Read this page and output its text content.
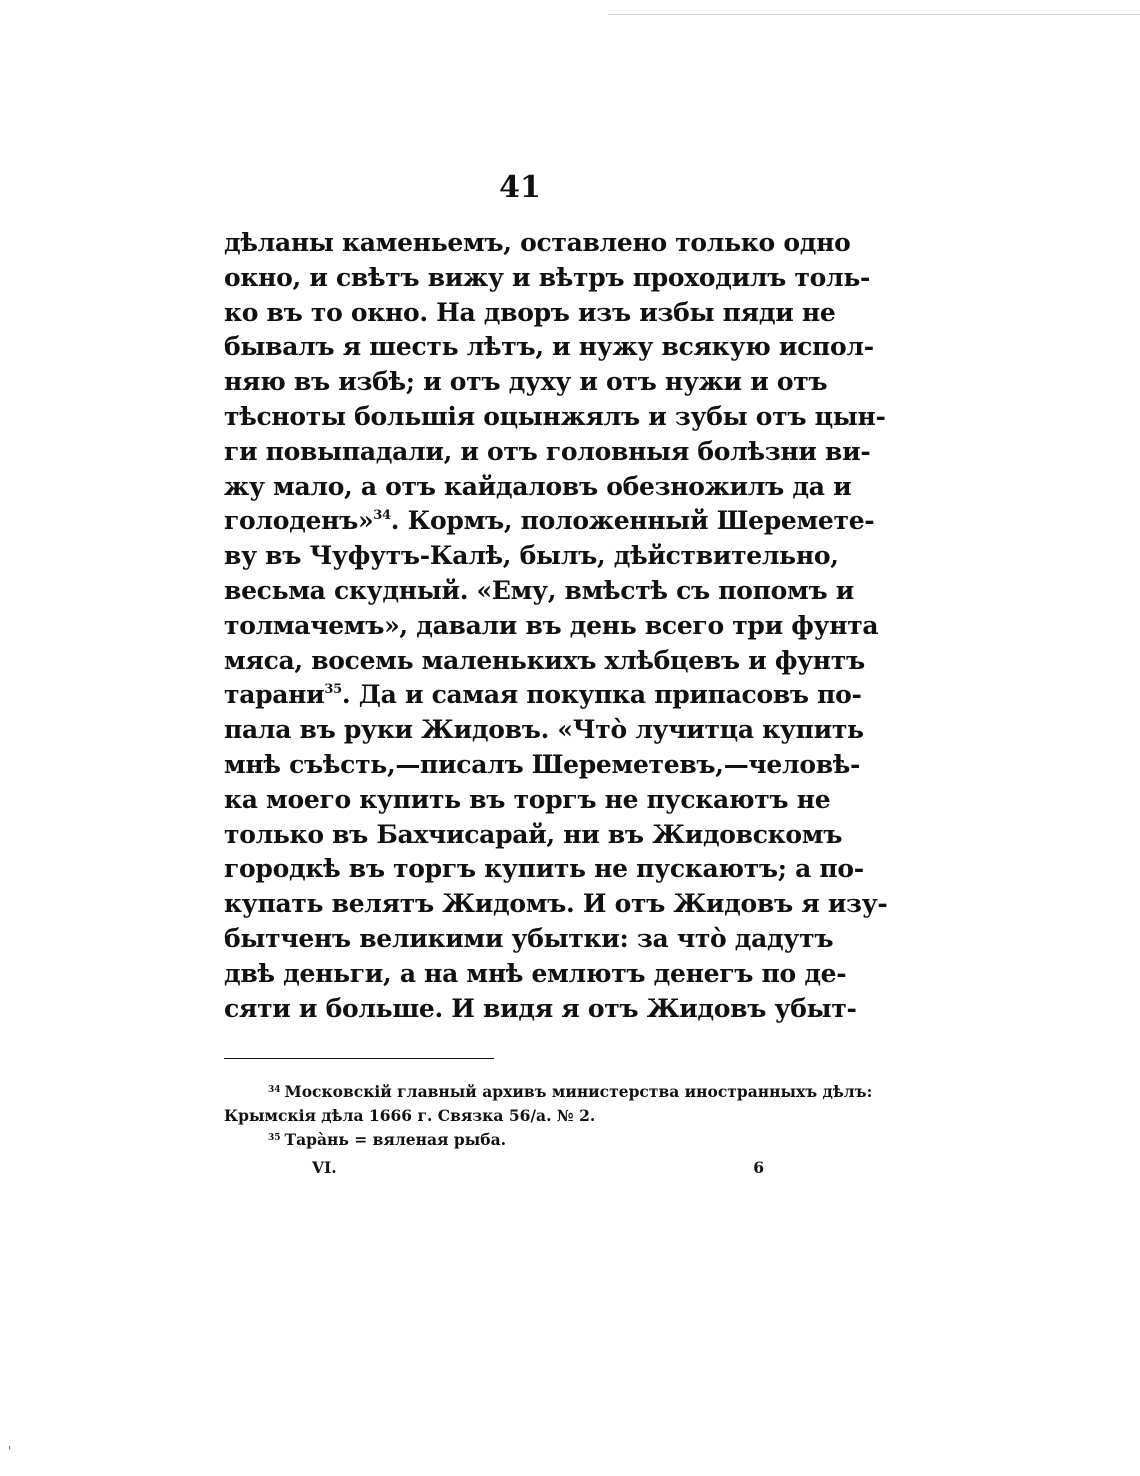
41
дѣланы каменьемъ, оставлено только одно
окно, и свѣтъ вижу и вѣтръ проходилъ толь-
ко въ то окно. На дворъ изъ избы пяди не
бывалъ я шесть лѣтъ, и нужу всякую испол-
няю въ избѣ; и отъ духу и отъ нужи и отъ
тѣсноты большія оцынжялъ и зубы отъ цын-
ги повыпадали, и отъ головныя болѣзни ви-
жу мало, а отъ кайдаловъ обезножилъ да и
голоденъ»$^{34}$. Кормъ, положенный Шеремете-
ву въ Чуфутъ-Калѣ, былъ, дѣйствительно,
весьма скудный. «Ему, вмѣстѣ съ попомъ и
толмачемъ», давали въ день всего три фунта
мяса, восемь маленькихъ хлѣбцевъ и фунтъ
тарани$^{35}$. Да и самая покупка припасовъ по-
пала въ руки Жидовъ. «Что̀ лучитца купить
мнѣ съѣсть,—писалъ Шереметевъ,—человѣ-
ка моего купить въ торгъ не пускаютъ не
только въ Бахчисарай, ни въ Жидовскомъ
городкѣ въ торгъ купить не пускаютъ; а по-
купать велятъ Жидомъ. И отъ Жидовъ я изу-
бытченъ великими убытки: за что̀ дадутъ
двѣ деньги, а на мнѣ емлютъ денегъ по де-
сяти и больше. И видя я отъ Жидовъ убыт-
$^{34}$ Московскій главный архивъ министерства иностранныхъ дѣлъ:
Крымскія дѣла 1666 г. Связка 56/а. № 2.
$^{35}$ Тара̀нь = вяленая рыба.
VI.	6
'
